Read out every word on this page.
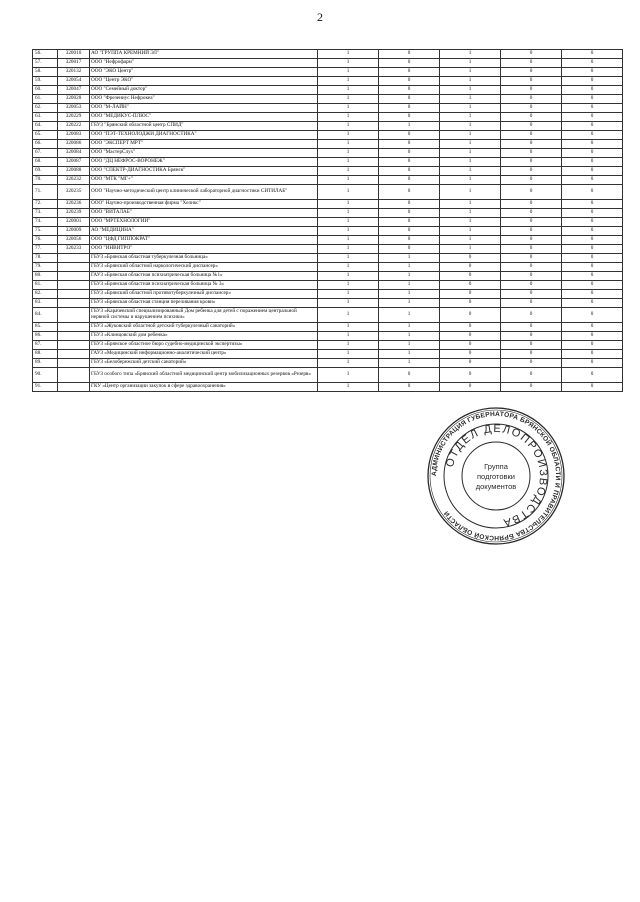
2
56.	320010	АО "ГРУППА КРЕМНИЙ ЭЛ"	1	0	1	0	0
57.	320017	ООО "Нефрофарм"	1	0	1	0	0
58.	320132	ООО "ЭКО Центр"	1	0	1	0	0
59.	320054	ООО "Центр ЭКО"	1	0	1	0	0
60.	320047	ООО "Семейный доктор"	1	0	1	0	0
61.	320028	ООО "Фрезениус Нефрокеа"	1	0	1	0	0
62.	320053	ООО "М-ЛАЙН"	1	0	1	0	0
63.	320229	ООО "МЕДИКУС-ПЛЮС"	1	0	1	0	0
64.	320222	ГБУЗ "Брянский областной центр СПИД"	1	1	1	0	0
65.	320083	ООО "ПЭТ-ТЕХНОЛОДЖИ ДИАГНОСТИКА"	1	0	1	0	0
66.	320086	ООО "ЭКСПЕРТ МРТ"	1	0	1	0	0
67.	320084	ООО "МастерСлух"	1	0	1	0	0
68.	320087	ООО "ДЦ НЕФРОС-ВОРОНЕЖ"	1	0	1	0	0
69.	320088	ООО "СПЕКТР-ДИАГНОСТИКА Брянск"	1	0	1	0	0
70.	320232	ООО "МТК "МГ+"	1	0	1	0	0
71.	320235	ООО "Научно-методический центр клинической лабораторной диагностики СИТИЛАБ"	1	0	1	0	0
72.	320236	ООО" Научно-производственная фирма "Хеликс"	1	0	1	0	0
73.	320239	ООО "ВИТАЛАБ"	1	0	1	0	0
74.	320001	ООО "МРТЕХНОЛОГИИ"	1	0	1	0	0
75.	320009	АО "МЕДИЦИНА"	1	0	1	0	0
76.	320056	ООО "ЦФД ГИППОКРАТ"	1	0	1	0	0
77.	320233	ООО "ИНВИТРО"	1	0	1	0	0
78.		ГБУЗ «Брянская областная туберкулезная больница»	1	1	0	0	0
79.		ГБУЗ «Брянский областной наркологический диспансер»	1	1	0	0	0
80.		ГАУЗ «Брянская областная психиатрическая больница №1»	1	1	0	0	0
81.		ГБУЗ «Брянская областная психиатрическая больница № 3»	1	1	0	0	0
82.		ГБУЗ «Брянский областной противотуберкулезный диспансер»	1	1	0	0	0
83.		ГБУЗ «Брянская областная станция переливания крови»	1	1	0	0	0
84.		ГБУЗ «Карачевский специализированный Дом ребенка для детей с поражением центральной нервной системы и нарушением психики»	1	1	0	0	0
85.		ГБУЗ «Жуковский областной детский туберкулезный санаторий»	1	1	0	0	0
86.		ГБУЗ «Клинцовский дом ребенка»	1	1	0	0	0
87.		ГБУЗ «Брянское областное бюро судебно-медицинской экспертизы»	1	1	0	0	0
88.		ГАУЗ «Медицинский информационно-аналитический центр»	1	1	0	0	0
89.		ГБУЗ «Белобережский детский санаторий»	1	1	0	0	0
90.		ГБУЗ особого типа «Брянский областной медицинский центр мобилизационных резервов «Резерв»	1	0	0	0	0
91.		ГКУ «Центр организации закупок в сфере здравоохранения»	1	0	0	0	0
АДМИНИСТРАЦИЯ ГУБЕРНАТОРА БРЯНСКОЙ ОБЛАСТИ И ПРАВИТЕЛЬСТВА БРЯНСКОЙ ОБЛАСТИ
ОТДЕЛ ДЕЛОПРОИЗВОДСТВА
Группа
подготовки
документов
